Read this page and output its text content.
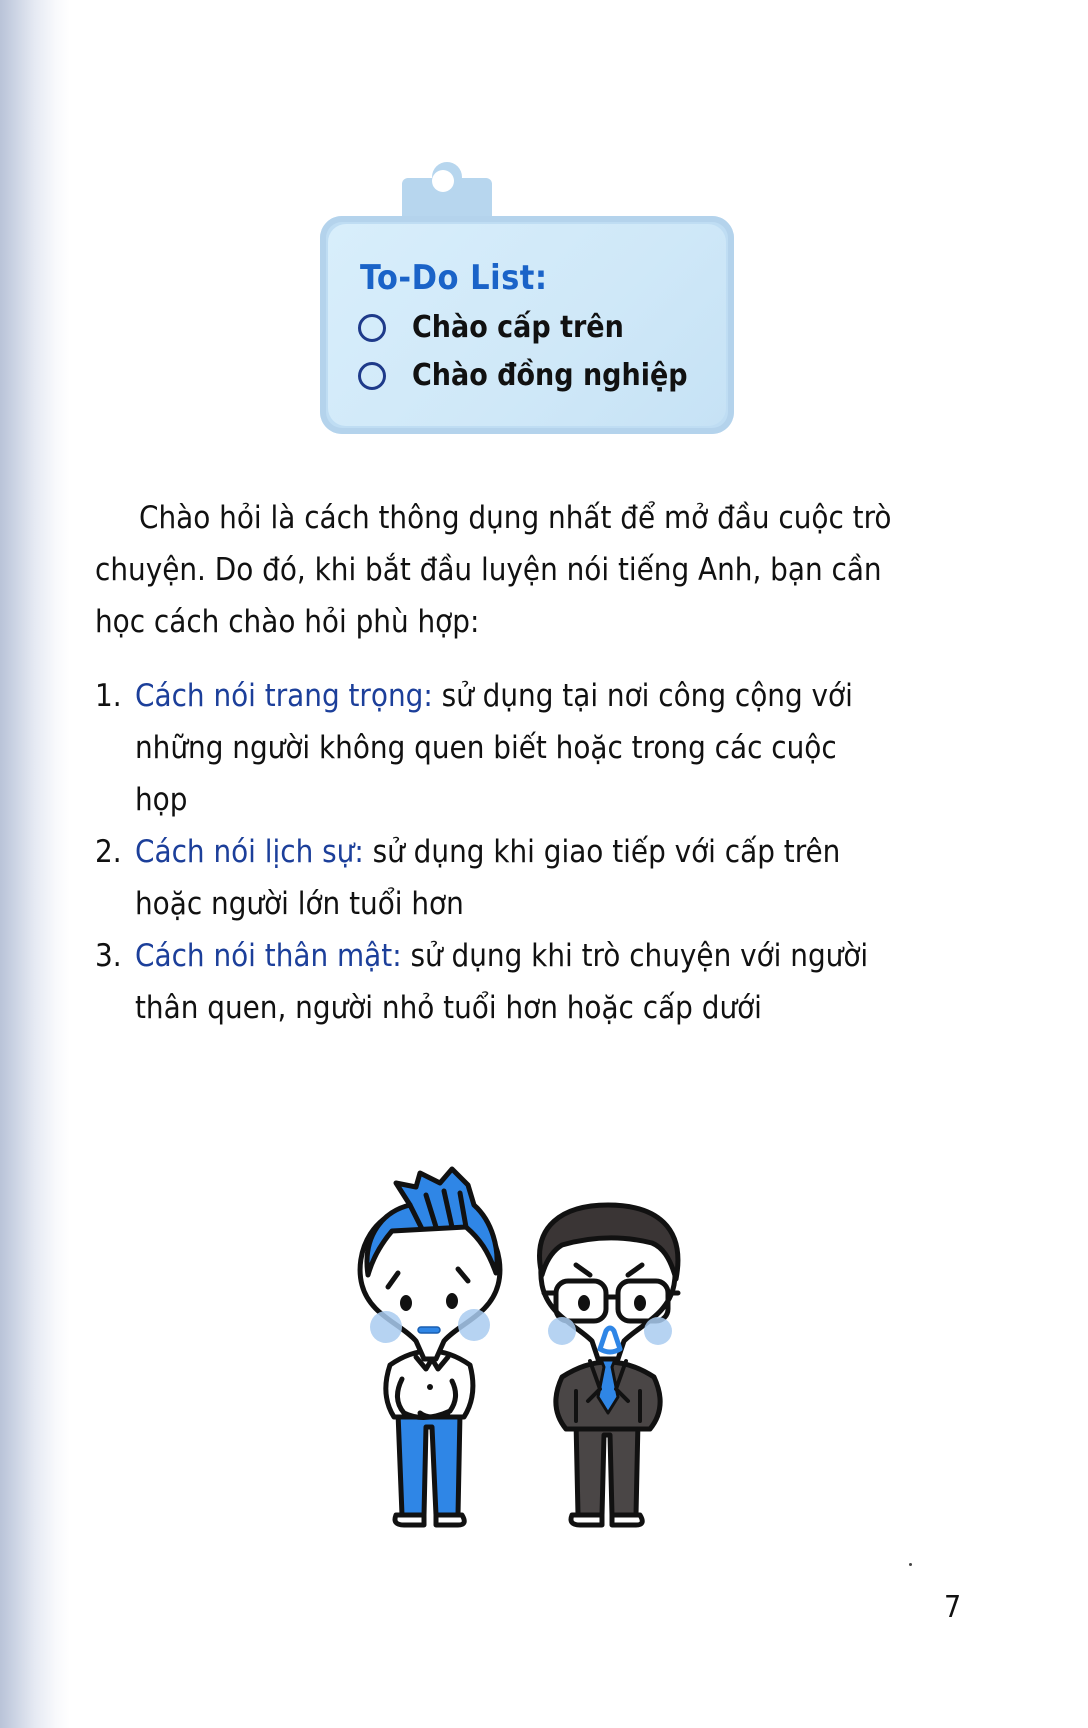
To-Do List:
Chào cấp trên
Chào đồng nghiệp
Chào hỏi là cách thông dụng nhất để mở đầu cuộc trò
chuyện. Do đó, khi bắt đầu luyện nói tiếng Anh, bạn cần
học cách chào hỏi phù hợp:
1. Cách nói trang trọng: sử dụng tại nơi công cộng với
những người không quen biết hoặc trong các cuộc
họp
2. Cách nói lịch sự: sử dụng khi giao tiếp với cấp trên
hoặc người lớn tuổi hơn
3. Cách nói thân mật: sử dụng khi trò chuyện với người
thân quen, người nhỏ tuổi hơn hoặc cấp dưới
7
